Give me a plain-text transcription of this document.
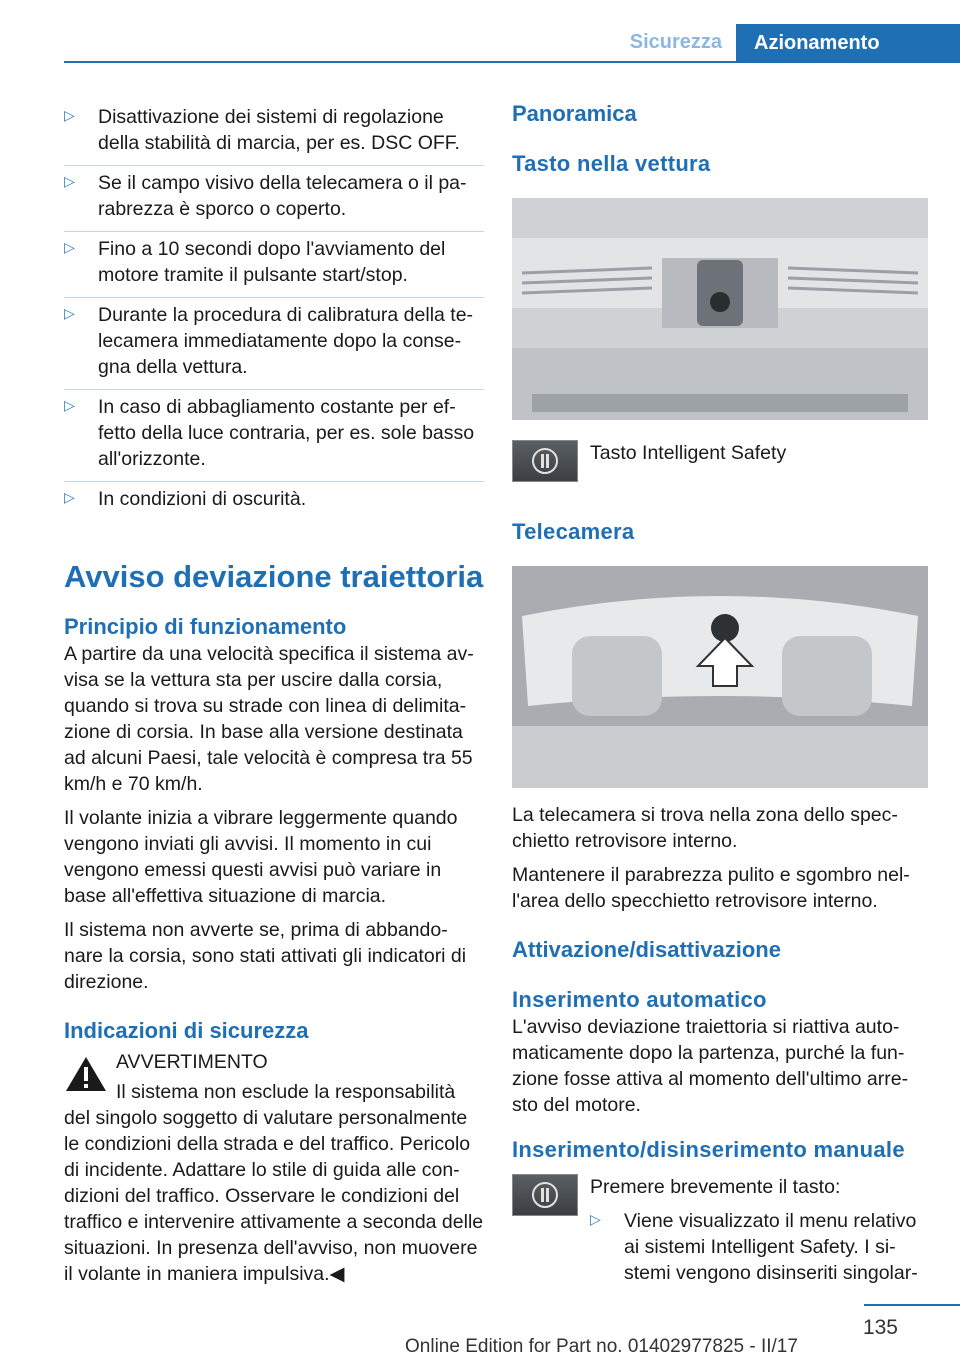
Sicurezza	Azionamento
▷	Disattivazione dei sistemi di regolazione della stabilità di marcia, per es. DSC OFF.

▷	Se il campo visivo della telecamera o il pa-rabrezza è sporco o coperto.

▷	Fino a 10 secondi dopo l'avviamento del motore tramite il pulsante start/stop.

▷	Durante la procedura di calibratura della te-lecamera immediatamente dopo la conse-gna della vettura.

▷	In caso di abbagliamento costante per ef-fetto della luce contraria, per es. sole basso all'orizzonte.

▷	In condizioni di oscurità.

Avviso deviazione traiettoria
Principio di funzionamento

A partire da una velocità specifica il sistema av-visa se la vettura sta per uscire dalla corsia, quando si trova su strade con linea di delimita-zione di corsia. In base alla versione destinata ad alcuni Paesi, tale velocità è compresa tra 55 km/h e 70 km/h.

Il volante inizia a vibrare leggermente quando vengono inviati gli avvisi. Il momento in cui vengono emessi questi avvisi può variare in base all'effettiva situazione di marcia.

Il sistema non avverte se, prima di abbando-nare la corsia, sono stati attivati gli indicatori di direzione.

Indicazioni di sicurezza

AVVERTIMENTO

Il sistema non esclude la responsabilità

del singolo soggetto di valutare personalmente le condizioni della strada e del traffico. Pericolo di incidente. Adattare lo stile di guida alle con-dizioni del traffico. Osservare le condizioni del traffico e intervenire attivamente a seconda delle situazioni. In presenza dell'avviso, non muovere il volante in maniera impulsiva.◀

Panoramica
Tasto nella vettura

Tasto Intelligent Safety

Telecamera

La telecamera si trova nella zona dello spec-chietto retrovisore interno.

Mantenere il parabrezza pulito e sgombro nel-l'area dello specchietto retrovisore interno.

Attivazione/disattivazione
Inserimento automatico

L'avviso deviazione traiettoria si riattiva auto-maticamente dopo la partenza, purché la fun-zione fosse attiva al momento dell'ultimo arre-sto del motore.

Inserimento/disinserimento manuale

Premere brevemente il tasto:

▷	Viene visualizzato il menu relativo ai sistemi Intelligent Safety. I si-stemi vengono disinseriti singolar-

135
Online Edition for Part no. 01402977825 - II/17
